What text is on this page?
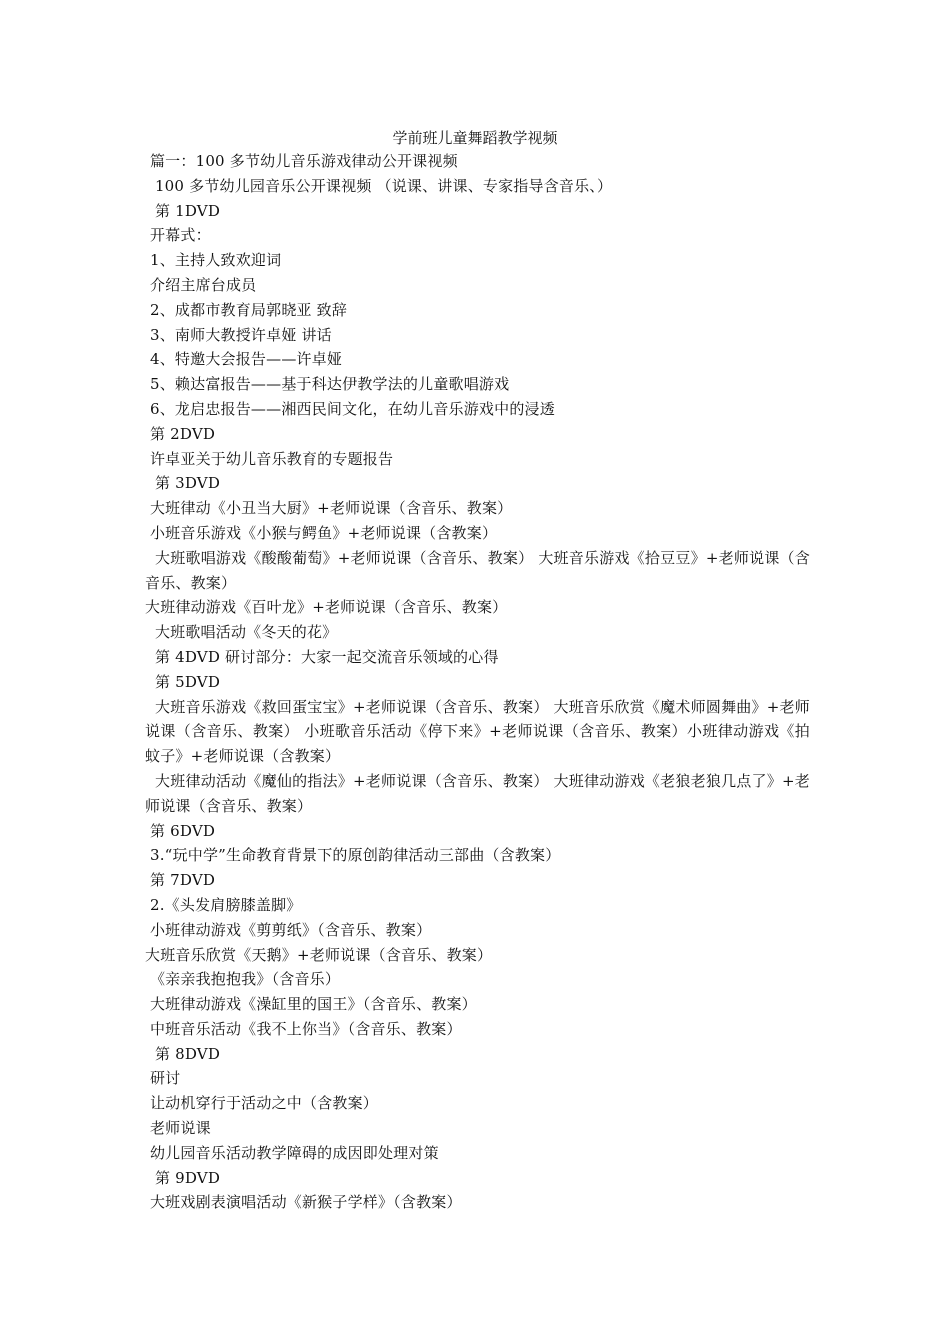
学前班儿童舞蹈教学视频

篇一：100 多节幼儿音乐游戏律动公开课视频

100 多节幼儿园音乐公开课视频 （说课、讲课、专家指导含音乐、）

第 1DVD

开幕式：

1、主持人致欢迎词

介绍主席台成员

2、成都市教育局郭晓亚 致辞

3、南师大教授许卓娅 讲话

4、特邀大会报告——许卓娅

5、赖达富报告——基于科达伊教学法的儿童歌唱游戏

6、龙启忠报告——湘西民间文化，在幼儿音乐游戏中的浸透

第 2DVD

许卓亚关于幼儿音乐教育的专题报告

第 3DVD

大班律动《小丑当大厨》+老师说课（含音乐、教案）

小班音乐游戏《小猴与鳄鱼》+老师说课（含教案）

大班歌唱游戏《酸酸葡萄》+老师说课（含音乐、教案） 大班音乐游戏《拾豆豆》+老师说课（含音乐、教案）

大班律动游戏《百叶龙》+老师说课（含音乐、教案）

大班歌唱活动《冬天的花》

第 4DVD 研讨部分：大家一起交流音乐领域的心得

第 5DVD

大班音乐游戏《救回蛋宝宝》+老师说课（含音乐、教案） 大班音乐欣赏《魔术师圆舞曲》+老师说课（含音乐、教案） 小班歌音乐活动《停下来》+老师说课（含音乐、教案）小班律动游戏《拍蚊子》+老师说课（含教案）

大班律动活动《魔仙的指法》+老师说课（含音乐、教案） 大班律动游戏《老狼老狼几点了》+老师说课（含音乐、教案）

第 6DVD

3.“玩中学”生命教育背景下的原创韵律活动三部曲（含教案）

第 7DVD

2.《头发肩膀膝盖脚》

小班律动游戏《剪剪纸》（含音乐、教案）

大班音乐欣赏《天鹅》+老师说课（含音乐、教案）

《亲亲我抱抱我》（含音乐）

大班律动游戏《澡缸里的国王》（含音乐、教案）

中班音乐活动《我不上你当》（含音乐、教案）

第 8DVD

研讨

让动机穿行于活动之中（含教案）

老师说课

幼儿园音乐活动教学障碍的成因即处理对策

第 9DVD

大班戏剧表演唱活动《新猴子学样》（含教案）
